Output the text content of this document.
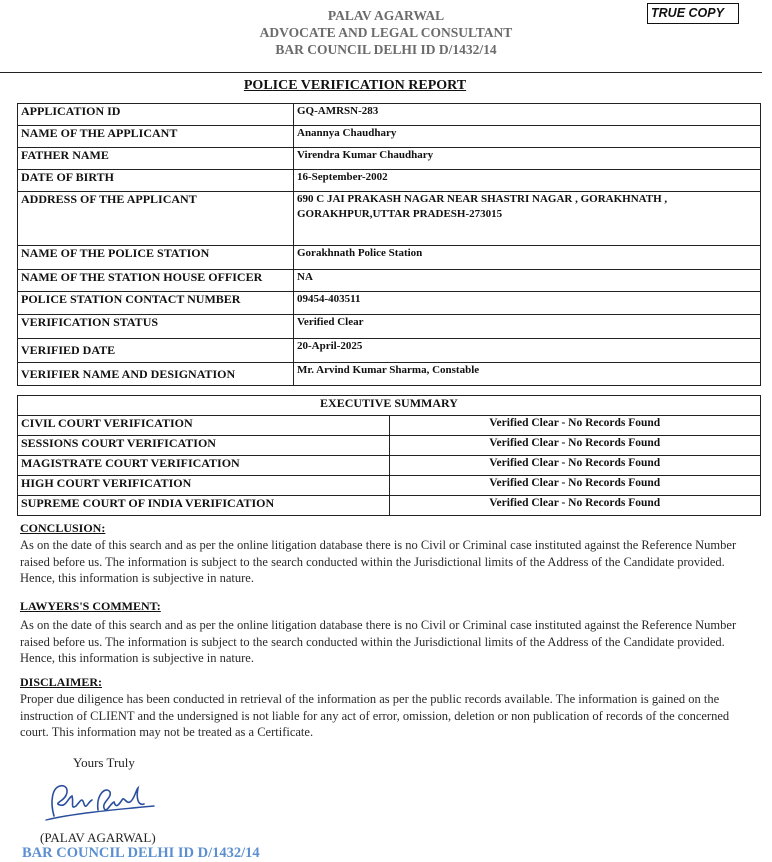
PALAV AGARWAL
ADVOCATE AND LEGAL CONSULTANT
BAR COUNCIL DELHI ID D/1432/14
TRUE COPY
POLICE VERIFICATION REPORT
APPLICATION ID	GQ-AMRSN-283
NAME OF THE APPLICANT	Anannya Chaudhary
FATHER NAME	Virendra Kumar Chaudhary
DATE OF BIRTH	16-September-2002
ADDRESS OF THE APPLICANT	690 C JAI PRAKASH NAGAR NEAR SHASTRI NAGAR , GORAKHNATH , GORAKHPUR,UTTAR PRADESH-273015
NAME OF THE POLICE STATION	Gorakhnath Police Station
NAME OF THE STATION HOUSE OFFICER	NA
POLICE STATION CONTACT NUMBER	09454-403511
VERIFICATION STATUS	Verified Clear
VERIFIED DATE	20-April-2025
VERIFIER NAME AND DESIGNATION	Mr. Arvind Kumar Sharma, Constable
EXECUTIVE SUMMARY	
CIVIL COURT VERIFICATION	Verified Clear - No Records Found
SESSIONS COURT VERIFICATION	Verified Clear - No Records Found
MAGISTRATE COURT VERIFICATION	Verified Clear - No Records Found
HIGH COURT VERIFICATION	Verified Clear - No Records Found
SUPREME COURT OF INDIA VERIFICATION	Verified Clear - No Records Found
CONCLUSION:
As on the date of this search and as per the online litigation database there is no Civil or Criminal case instituted against the Reference Number raised before us. The information is subject to the search conducted within the Jurisdictional limits of the Address of the Candidate provided. Hence, this information is subjective in nature.
LAWYERS'S COMMENT:
As on the date of this search and as per the online litigation database there is no Civil or Criminal case instituted against the Reference Number raised before us. The information is subject to the search conducted within the Jurisdictional limits of the Address of the Candidate provided. Hence, this information is subjective in nature.
DISCLAIMER:
Proper due diligence has been conducted in retrieval of the information as per the public records available. The information is gained on the instruction of CLIENT and the undersigned is not liable for any act of error, omission, deletion or non publication of records of the concerned court. This information may not be treated as a Certificate.
Yours Truly
(PALAV AGARWAL)
BAR COUNCIL DELHI ID D/1432/14
